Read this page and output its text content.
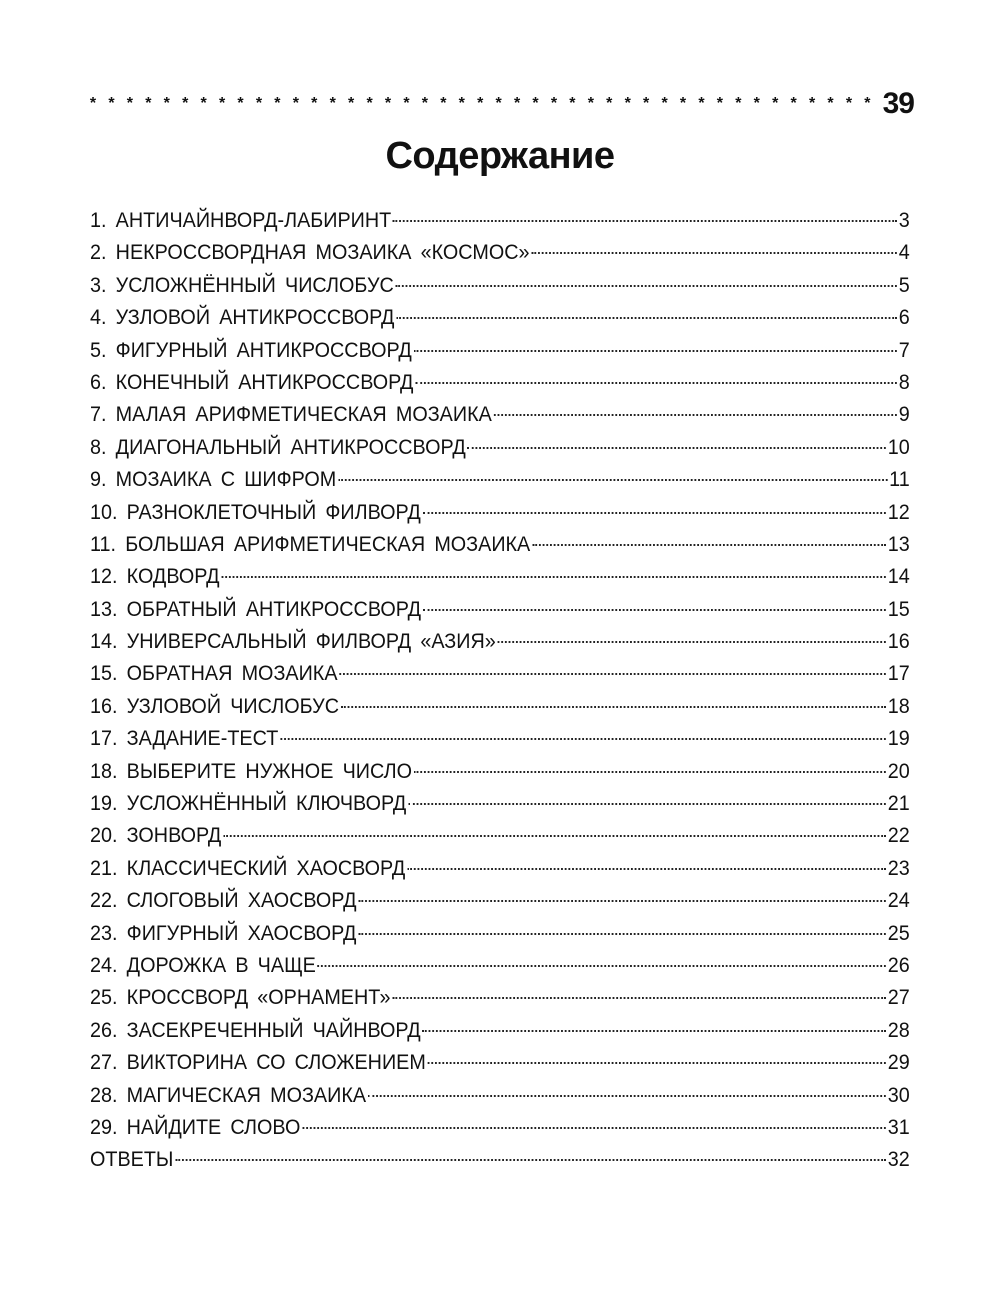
* * * * * * * * * * * * * * * * * * * * * * * * * * * * * * * * * * * * * * * * * * * 39
Содержание
1. АНТИЧАЙНВОРД-ЛАБИРИНТ	3
2. НЕКРОССВОРДНАЯ МОЗАИКА «КОСМОС»	4
3. УСЛОЖНЁННЫЙ ЧИСЛОБУС	5
4. УЗЛОВОЙ АНТИКРОССВОРД	6
5. ФИГУРНЫЙ АНТИКРОССВОРД	7
6. КОНЕЧНЫЙ АНТИКРОССВОРД	8
7. МАЛАЯ АРИФМЕТИЧЕСКАЯ МОЗАИКА	9
8. ДИАГОНАЛЬНЫЙ АНТИКРОССВОРД	10
9. МОЗАИКА С ШИФРОМ	11
10. РАЗНОКЛЕТОЧНЫЙ ФИЛВОРД	12
11. БОЛЬШАЯ АРИФМЕТИЧЕСКАЯ МОЗАИКА	13
12. КОДВОРД	14
13. ОБРАТНЫЙ АНТИКРОССВОРД	15
14. УНИВЕРСАЛЬНЫЙ ФИЛВОРД «АЗИЯ»	16
15. ОБРАТНАЯ МОЗАИКА	17
16. УЗЛОВОЙ ЧИСЛОБУС	18
17. ЗАДАНИЕ-ТЕСТ	19
18. ВЫБЕРИТЕ НУЖНОЕ ЧИСЛО	20
19. УСЛОЖНЁННЫЙ КЛЮЧВОРД	21
20. ЗОНВОРД	22
21. КЛАССИЧЕСКИЙ ХАОСВОРД	23
22. СЛОГОВЫЙ ХАОСВОРД	24
23. ФИГУРНЫЙ ХАОСВОРД	25
24. ДОРОЖКА В ЧАЩЕ	26
25. КРОССВОРД «ОРНАМЕНТ»	27
26. ЗАСЕКРЕЧЕННЫЙ ЧАЙНВОРД	28
27. ВИКТОРИНА СО СЛОЖЕНИЕМ	29
28. МАГИЧЕСКАЯ МОЗАИКА	30
29. НАЙДИТЕ СЛОВО	31
ОТВЕТЫ	32
